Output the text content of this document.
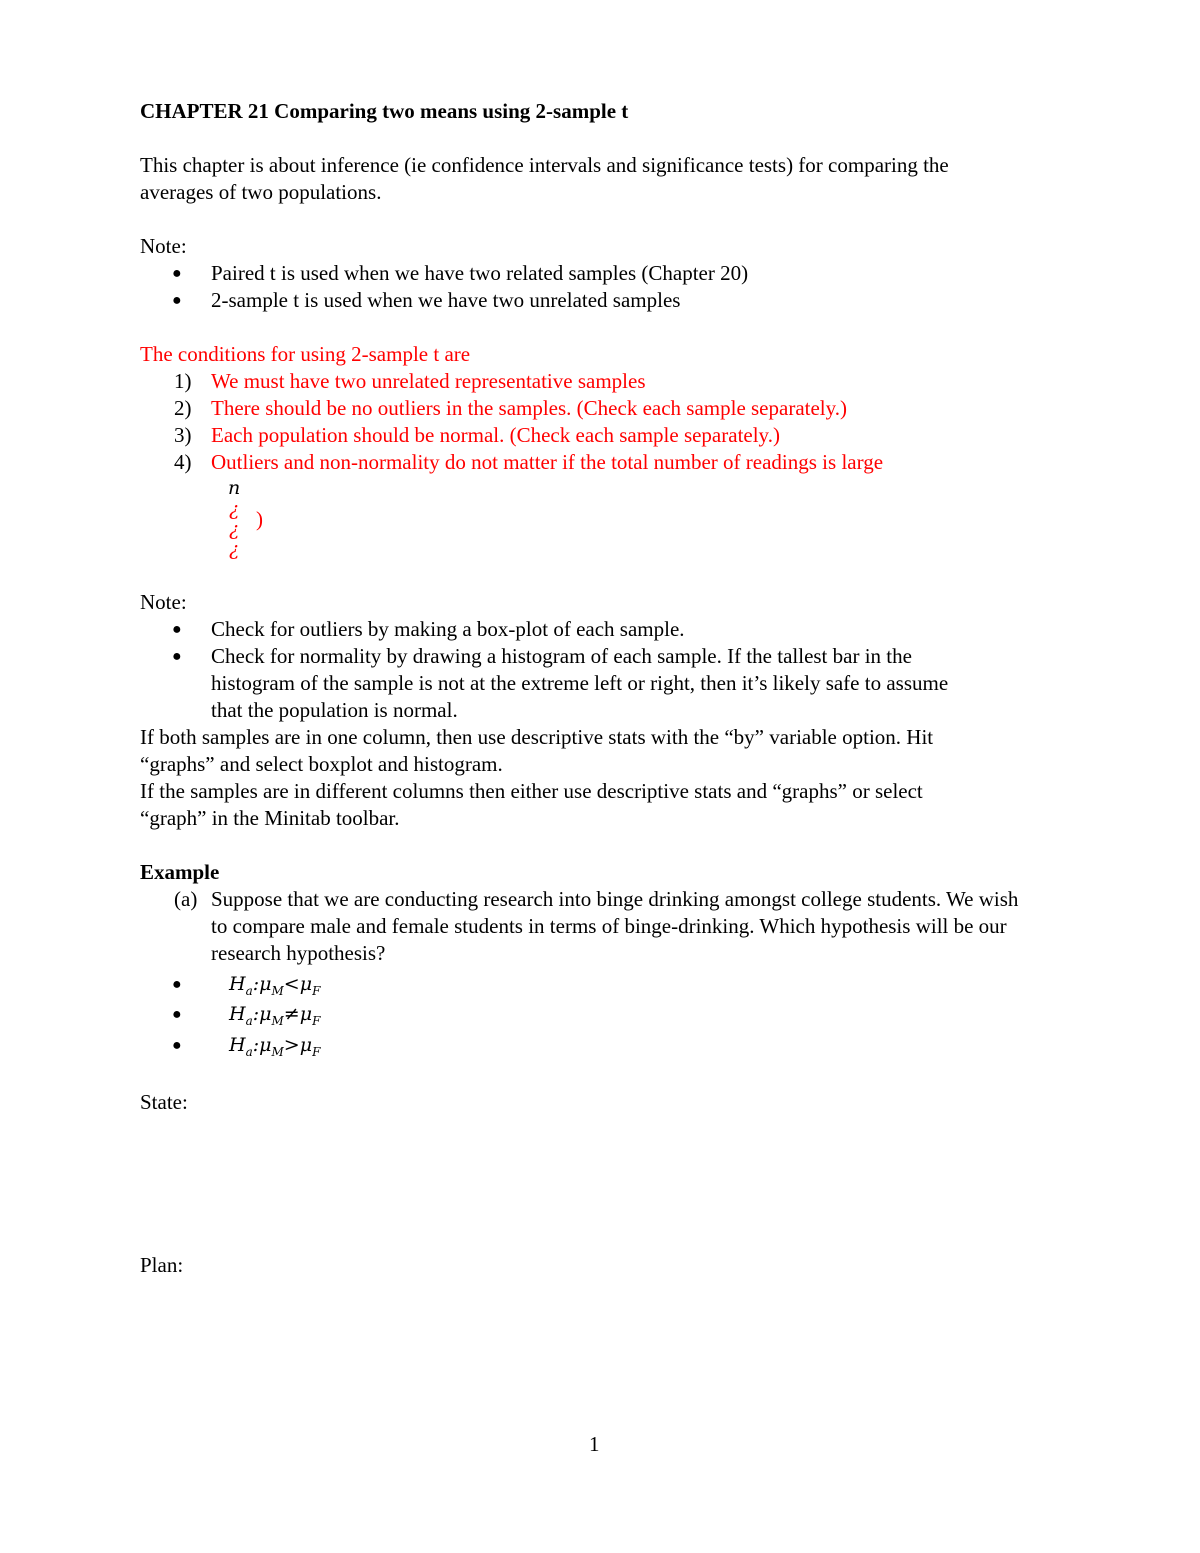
CHAPTER 21 Comparing two means using 2-sample t
This chapter is about inference (ie confidence intervals and significance tests) for comparing the
averages of two populations.
Note:
● Paired t is used when we have two related samples (Chapter 20)
● 2-sample t is used when we have two unrelated samples
The conditions for using 2-sample t are
1) We must have two unrelated representative samples
2) There should be no outliers in the samples. (Check each sample separately.)
3) Each population should be normal. (Check each sample separately.)
4) Outliers and non-normality do not matter if the total number of readings is large
n
¿
¿
¿
)
Note:
● Check for outliers by making a box-plot of each sample.
● Check for normality by drawing a histogram of each sample. If the tallest bar in the
histogram of the sample is not at the extreme left or right, then it’s likely safe to assume
that the population is normal.
If both samples are in one column, then use descriptive stats with the “by” variable option. Hit
“graphs” and select boxplot and histogram.
If the samples are in different columns then either use descriptive stats and “graphs” or select
“graph” in the Minitab toolbar.
Example
(a) Suppose that we are conducting research into binge drinking amongst college students. We wish
to compare male and female students in terms of binge-drinking. Which hypothesis will be our
research hypothesis?
● $H_a:\mu_M<\mu_F$
● $H_a:\mu_M\ne\mu_F$
● $H_a:\mu_M>\mu_F$
State:
Plan:
1
